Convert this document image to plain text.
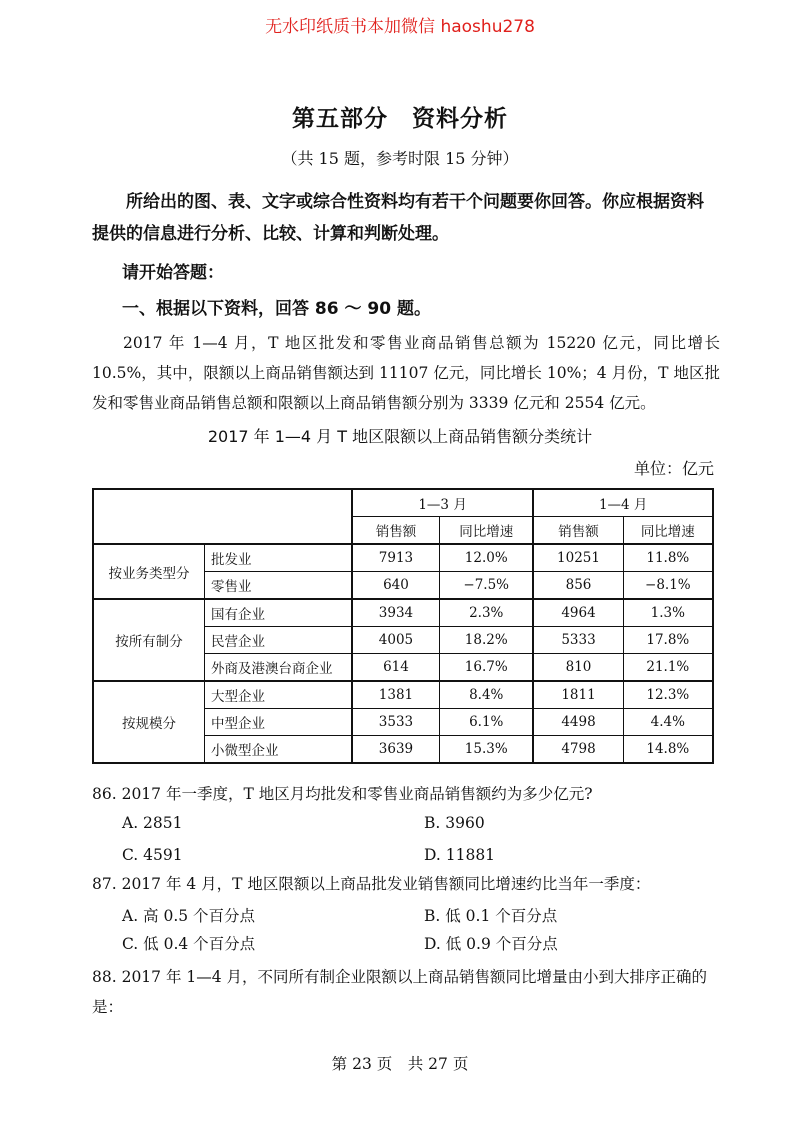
无水印纸质书本加微信 haoshu278
第五部分　资料分析
（共 15 题，参考时限 15 分钟）
所给出的图、表、文字或综合性资料均有若干个问题要你回答。你应根据资料提供的信息进行分析、比较、计算和判断处理。
请开始答题：
一、根据以下资料，回答 86 ～ 90 题。
2017 年 1—4 月，T 地区批发和零售业商品销售总额为 15220 亿元，同比增长 10.5%，其中，限额以上商品销售额达到 11107 亿元，同比增长 10%；4 月份，T 地区批发和零售业商品销售总额和限额以上商品销售额分别为 3339 亿元和 2554 亿元。
2017 年 1—4 月 T 地区限额以上商品销售额分类统计
单位：亿元
		1—3 月		1—4 月	
		销售额	同比增速	销售额	同比增速
按业务类型分	批发业	7913	12.0%	10251	11.8%
	零售业	640	−7.5%	856	−8.1%
按所有制分	国有企业	3934	2.3%	4964	1.3%
	民营企业	4005	18.2%	5333	17.8%
	外商及港澳台商企业	614	16.7%	810	21.1%
按规模分	大型企业	1381	8.4%	1811	12.3%
	中型企业	3533	6.1%	4498	4.4%
	小微型企业	3639	15.3%	4798	14.8%
86. 2017 年一季度，T 地区月均批发和零售业商品销售额约为多少亿元?
A. 2851	B. 3960
C. 4591	D. 11881
87. 2017 年 4 月，T 地区限额以上商品批发业销售额同比增速约比当年一季度：
A. 高 0.5 个百分点	B. 低 0.1 个百分点
C. 低 0.4 个百分点	D. 低 0.9 个百分点
88. 2017 年 1—4 月，不同所有制企业限额以上商品销售额同比增量由小到大排序正确的是：
第 23 页　共 27 页
